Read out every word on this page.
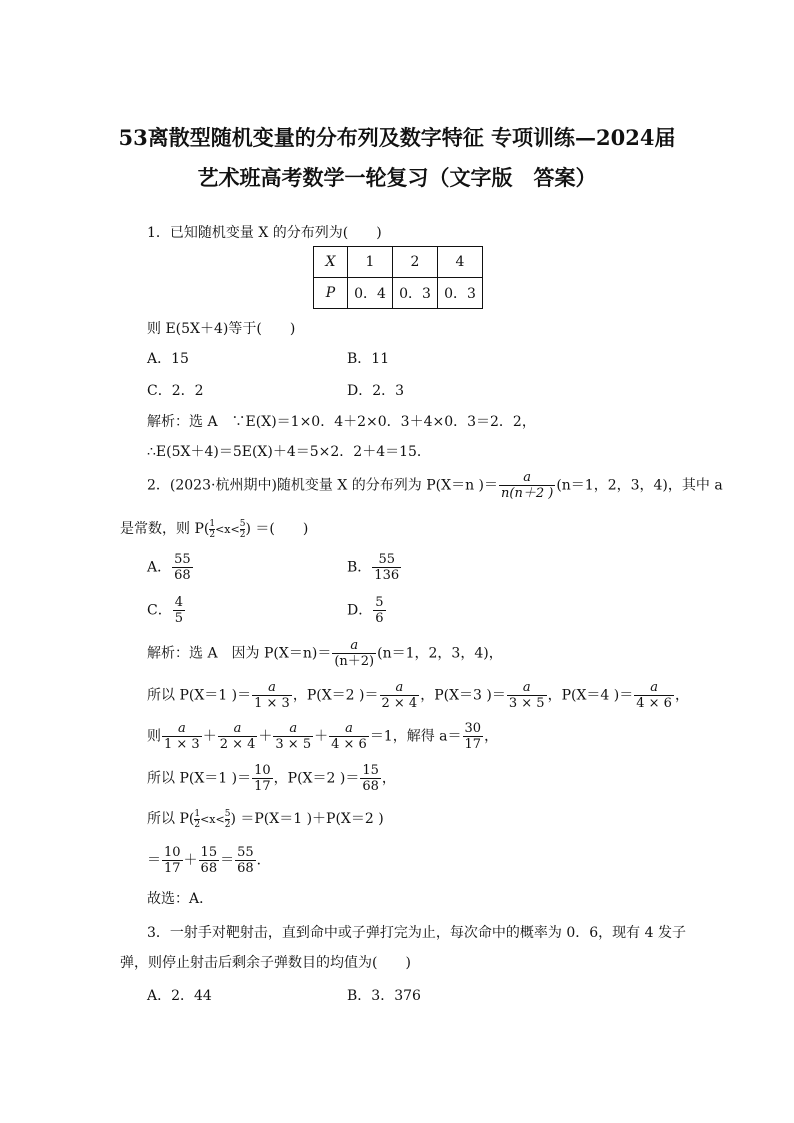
53离散型随机变量的分布列及数字特征 专项训练—2024届
艺术班高考数学一轮复习（文字版　答案）
1．已知随机变量 X 的分布列为(　　)
X	1	2	4
P	0．4	0．3	0．3
则 E(5X＋4)等于(　　)
A．15	B．11
C．2．2	D．2．3
解析：选 A　∵E(X)＝1×0．4＋2×0．3＋4×0．3＝2．2，
∴E(5X＋4)＝5E(X)＋4＝5×2．2＋4＝15．
2．(2023·杭州期中)随机变量 X 的分布列为 P(X＝n )＝ $\frac{a}{n(n+2 )} (n=1$，2，3，4)，其中 a
是常数，则 $P( \frac{1}{2} <x< \frac{5}{2}$ ) ＝(　　)
A． $\frac{55}{68}$	B． $\frac{55}{136}$
C． $\frac{4}{5}$	D． $\frac{5}{6}$
解析：选 A　因为 $P(X=n)= \frac{a}{(n+2)} (n=1$，2，3，4)，
所以 P(X＝1 )＝ $\frac{a}{1 \times 3}$ ，P(X＝2 )＝ $\frac{a}{2 \times 4}$ ，P(X＝3 )＝ $\frac{a}{3 \times 5}$ ，P(X＝4 )＝ $\frac{a}{4 \times 6}$ ，
则 $\frac{a}{1 \times 3} + \frac{a}{2 \times 4} + \frac{a}{3 \times 5} + \frac{a}{4 \times 6} =1$，解得 $a= \frac{30}{17}$ ，
所以 P(X＝1 )＝ $\frac{10}{17}$ ，P(X＝2 )＝ $\frac{15}{68}$ ，
所以 $P( \frac{1}{2} <x< \frac{5}{2}$ ) ＝P(X＝1 )＋P(X＝2 )
＝ $\frac{10}{17} + \frac{15}{68} = \frac{55}{68}$ ．
故选：A．
3．一射手对靶射击，直到命中或子弹打完为止，每次命中的概率为 0．6，现有 4 发子
弹，则停止射击后剩余子弹数目的均值为(　　)
A．2．44	B．3．376
